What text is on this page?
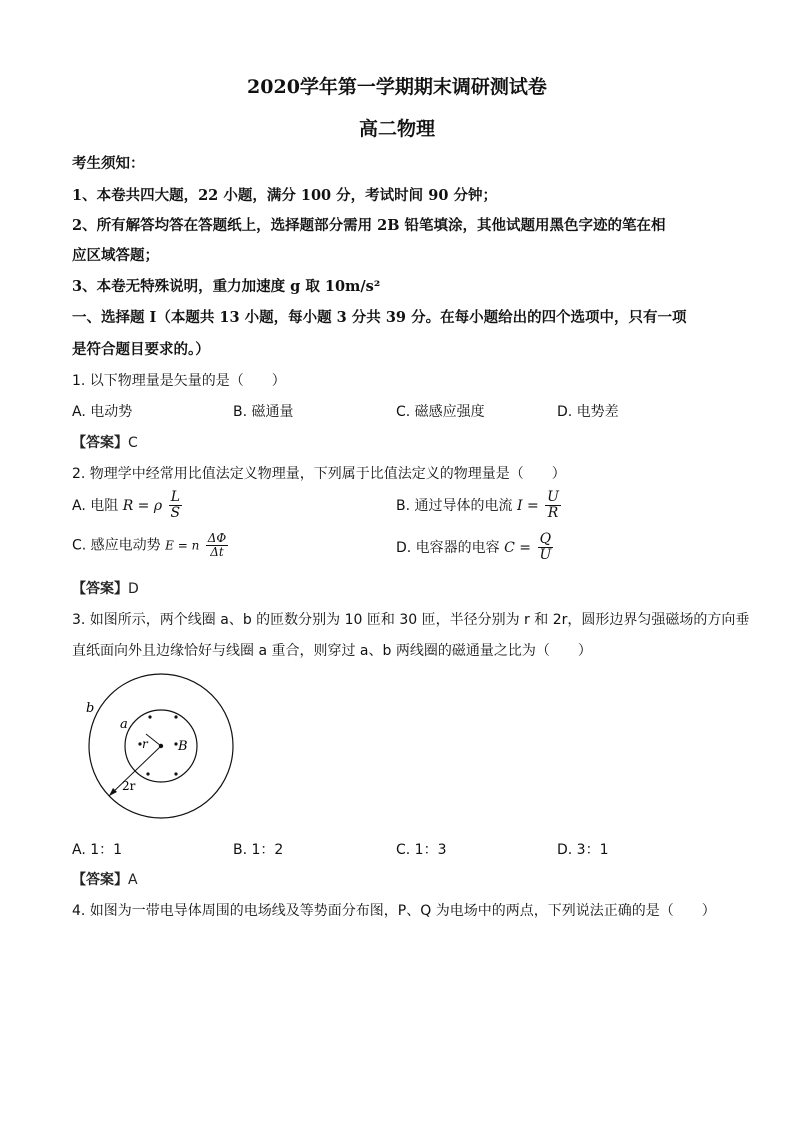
2020学年第一学期期末调研测试卷
高二物理
考生须知：
1、本卷共四大题，22 小题，满分 100 分，考试时间 90 分钟；
2、所有解答均答在答题纸上，选择题部分需用 2B 铅笔填涂，其他试题用黑色字迹的笔在相
应区域答题；
3、本卷无特殊说明，重力加速度 g 取 10m/s²
一、选择题 I（本题共 13 小题，每小题 3 分共 39 分。在每小题给出的四个选项中，只有一项
是符合题目要求的。）
1. 以下物理量是矢量的是（　　）
A. 电动势	B. 磁通量	C. 磁感应强度	D. 电势差
【答案】C
2. 物理学中经常用比值法定义物理量，下列属于比值法定义的物理量是（　　）
A. 电阻 R = ρ $\frac{L}{S}$	B. 通过导体的电流 $I = \frac{U}{R}$
C. 感应电动势 E = n $\frac{\Delta\Phi}{\Delta t}$	D. 电容器的电容 $C = \frac{Q}{U}$
【答案】D
3. 如图所示，两个线圈 a、b 的匝数分别为 10 匝和 30 匝，半径分别为 r 和 2r，圆形边界匀强磁场的方向垂
直纸面向外且边缘恰好与线圈 a 重合，则穿过 a、b 两线圈的磁通量之比为（　　）
b
a
r B
2r
A. 1：1	B. 1：2	C. 1：3	D. 3：1
【答案】A
4. 如图为一带电导体周围的电场线及等势面分布图，P、Q 为电场中的两点，下列说法正确的是（　　）
